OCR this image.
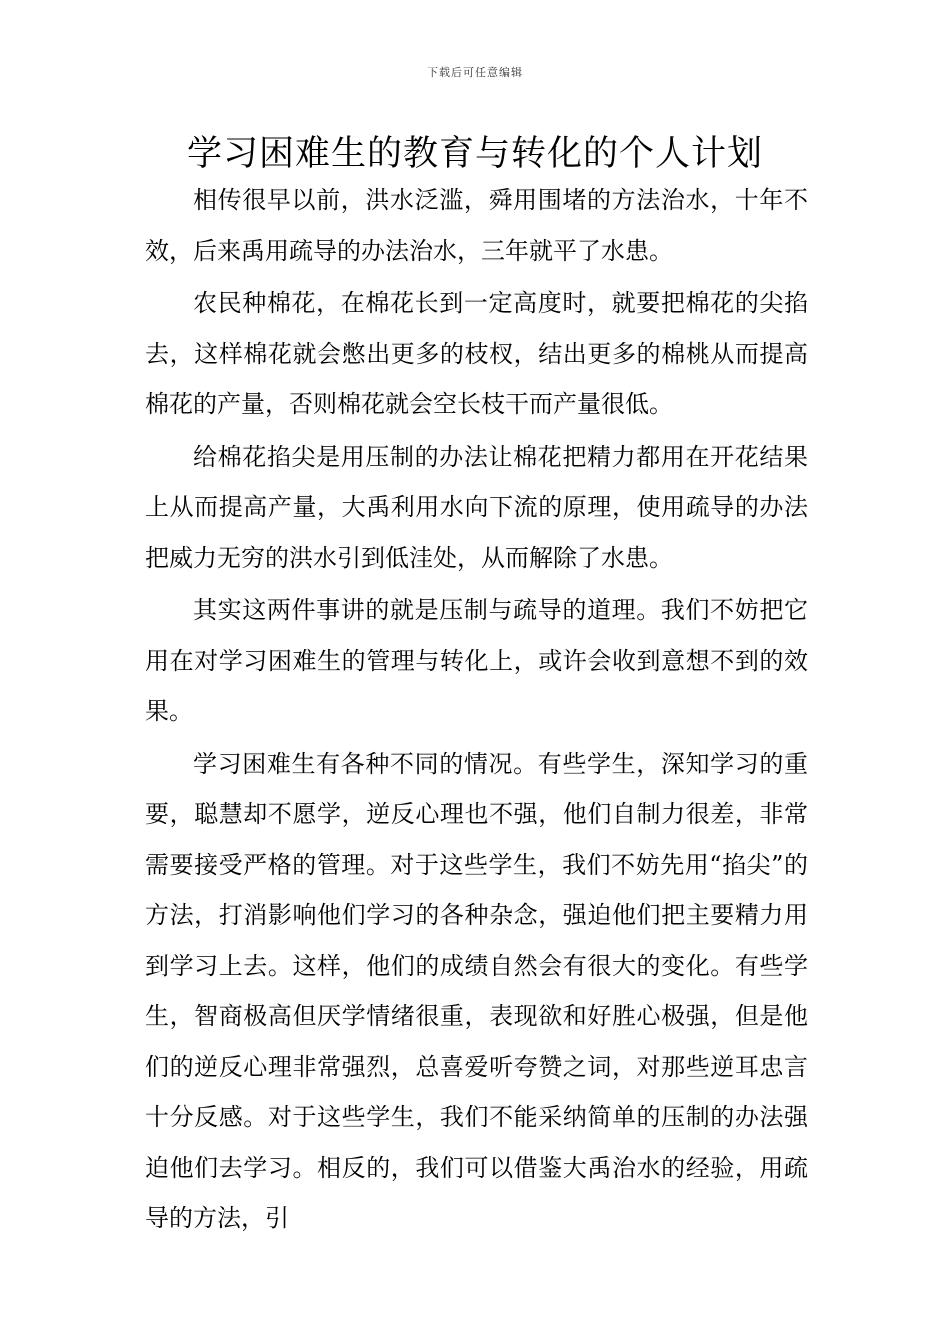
下载后可任意编辑
学习困难生的教育与转化的个人计划

相传很早以前，洪水泛滥，舜用围堵的方法治水，十年不效，后来禹用疏导的办法治水，三年就平了水患。

农民种棉花，在棉花长到一定高度时，就要把棉花的尖掐去，这样棉花就会憋出更多的枝杈，结出更多的棉桃从而提高棉花的产量，否则棉花就会空长枝干而产量很低。

给棉花掐尖是用压制的办法让棉花把精力都用在开花结果上从而提高产量，大禹利用水向下流的原理，使用疏导的办法把威力无穷的洪水引到低洼处，从而解除了水患。

其实这两件事讲的就是压制与疏导的道理。我们不妨把它用在对学习困难生的管理与转化上，或许会收到意想不到的效果。

学习困难生有各种不同的情况。有些学生，深知学习的重要，聪慧却不愿学，逆反心理也不强，他们自制力很差，非常需要接受严格的管理。对于这些学生，我们不妨先用“掐尖”的方法，打消影响他们学习的各种杂念，强迫他们把主要精力用到学习上去。这样，他们的成绩自然会有很大的变化。有些学生，智商极高但厌学情绪很重，表现欲和好胜心极强，但是他们的逆反心理非常强烈，总喜爱听夸赞之词，对那些逆耳忠言十分反感。对于这些学生，我们不能采纳简单的压制的办法强迫他们去学习。相反的，我们可以借鉴大禹治水的经验，用疏导的方法，引
